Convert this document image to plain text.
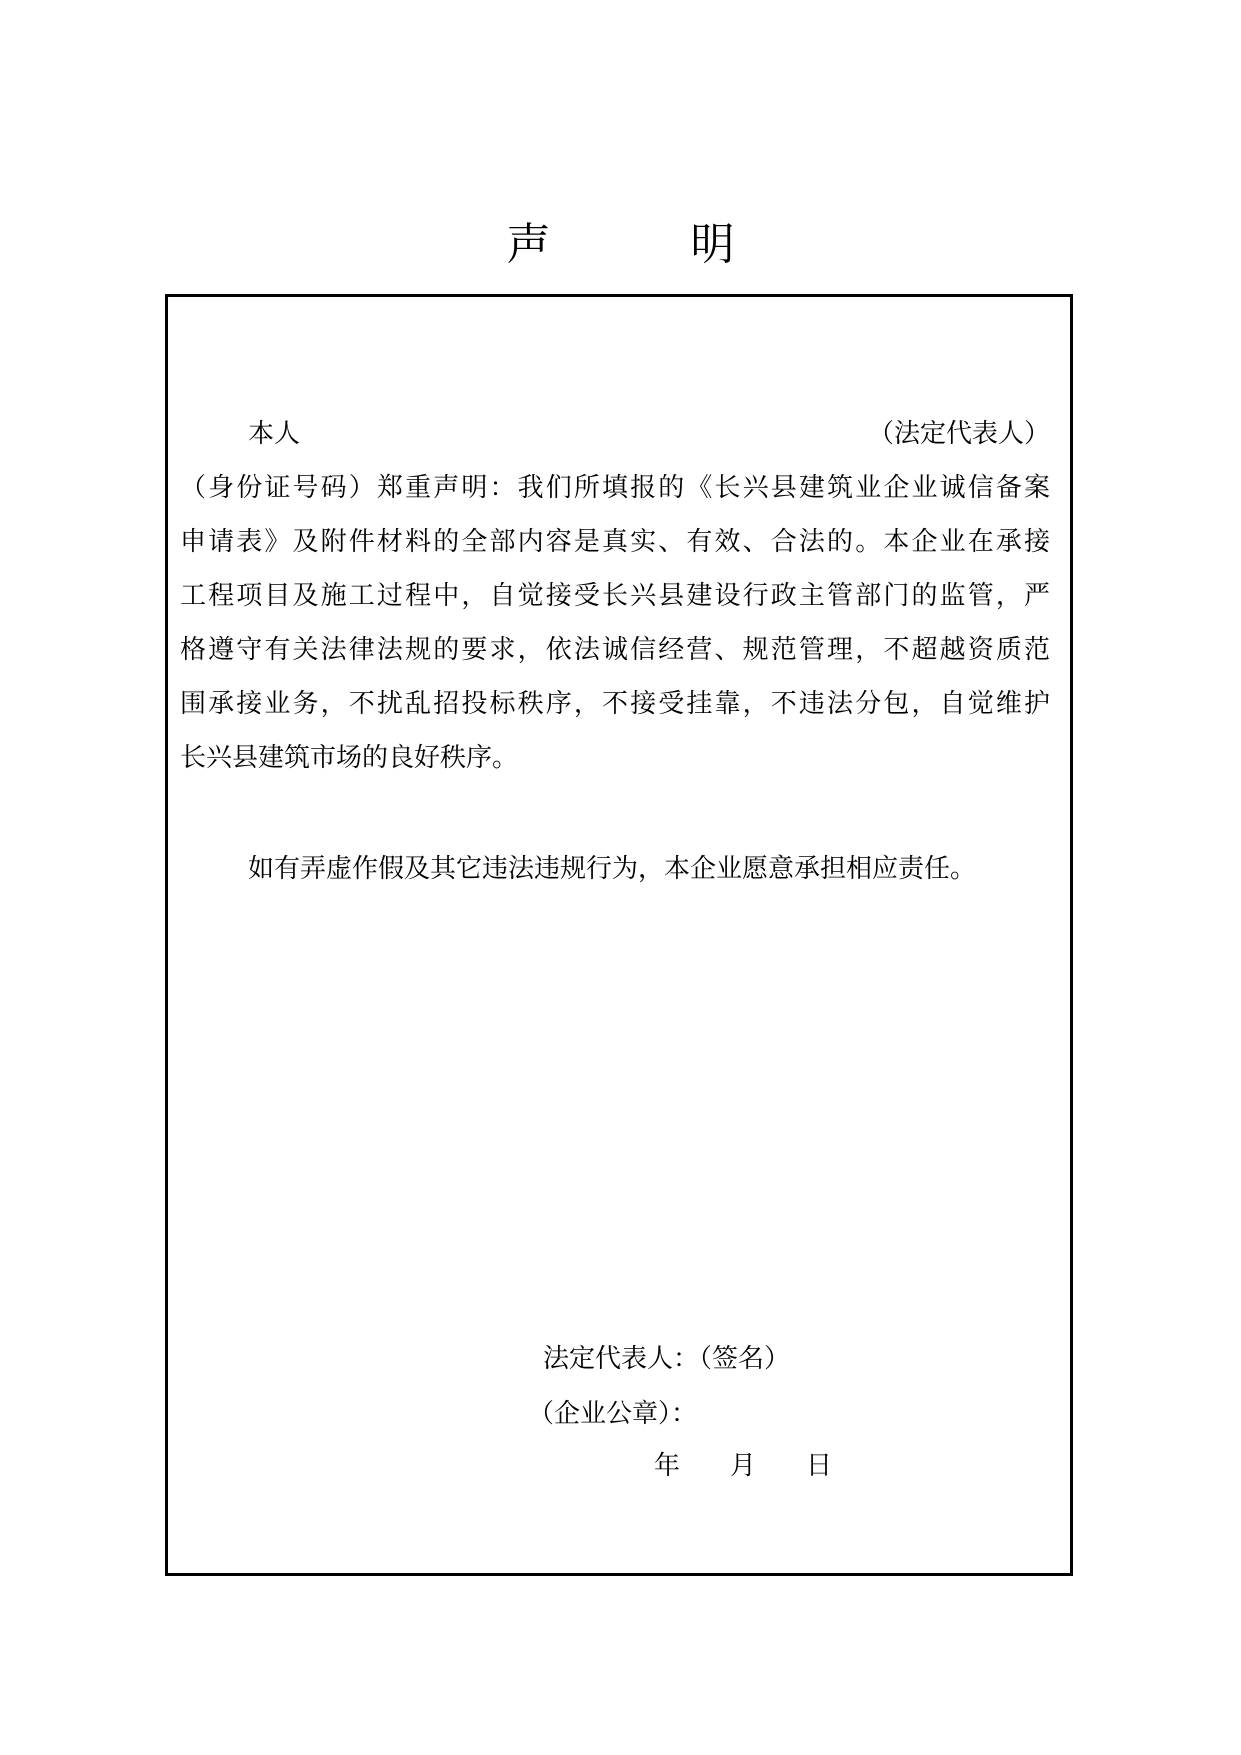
声	明
本人	（法定代表人）
（身份证号码）郑重声明：我们所填报的《长兴县建筑业企业诚信备案
申请表》及附件材料的全部内容是真实、有效、合法的。本企业在承接
工程项目及施工过程中，自觉接受长兴县建设行政主管部门的监管，严
格遵守有关法律法规的要求，依法诚信经营、规范管理，不超越资质范
围承接业务，不扰乱招投标秩序，不接受挂靠，不违法分包，自觉维护
长兴县建筑市场的良好秩序。
如有弄虚作假及其它违法违规行为，本企业愿意承担相应责任。
法定代表人：（签名）
（企业公章）：
年 月 日
